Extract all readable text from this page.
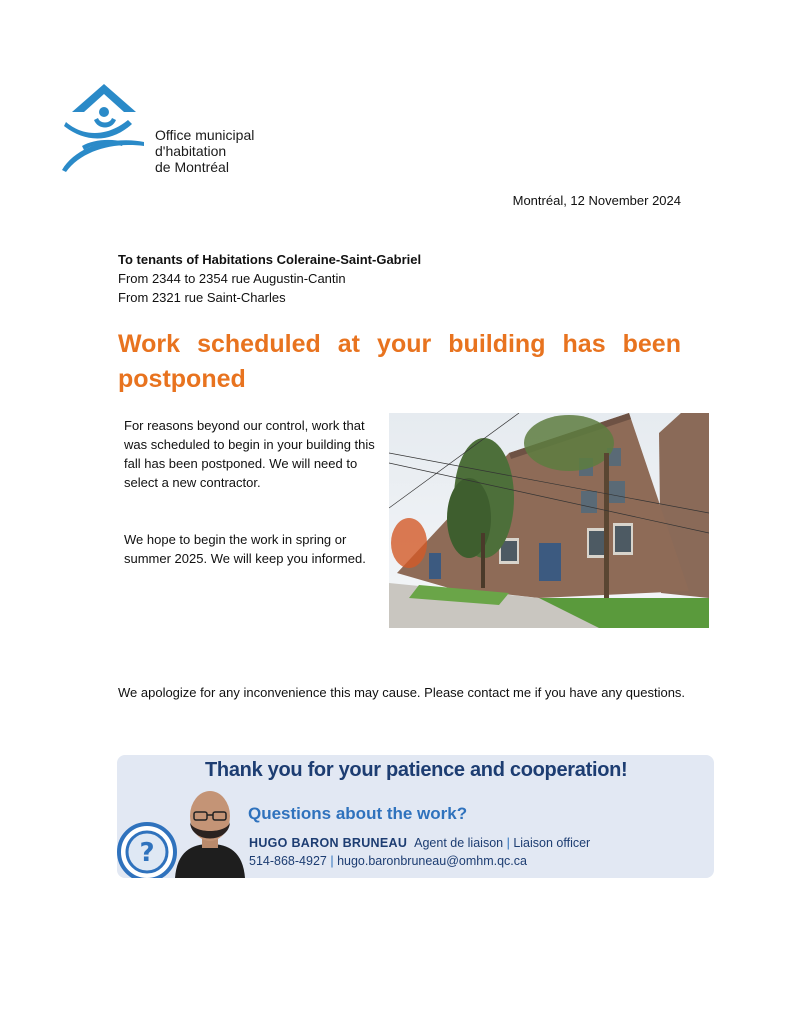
Office municipal
d'habitation
de Montréal
Montréal, 12 November 2024
To tenants of Habitations Coleraine-Saint-Gabriel
From 2344 to 2354 rue Augustin-Cantin
From 2321 rue Saint-Charles
Work scheduled at your building has been postponed
For reasons beyond our control, work that was scheduled to begin in your building this fall has been postponed. We will need to select a new contractor.
We hope to begin the work in spring or summer 2025. We will keep you informed.
We apologize for any inconvenience this may cause. Please contact me if you have any questions.
Thank you for your patience and cooperation!
Questions about the work?
?	HUGO BARON BRUNEAU Agent de liaison | Liaison officer
514-868-4927 | hugo.baronbruneau@omhm.qc.ca
